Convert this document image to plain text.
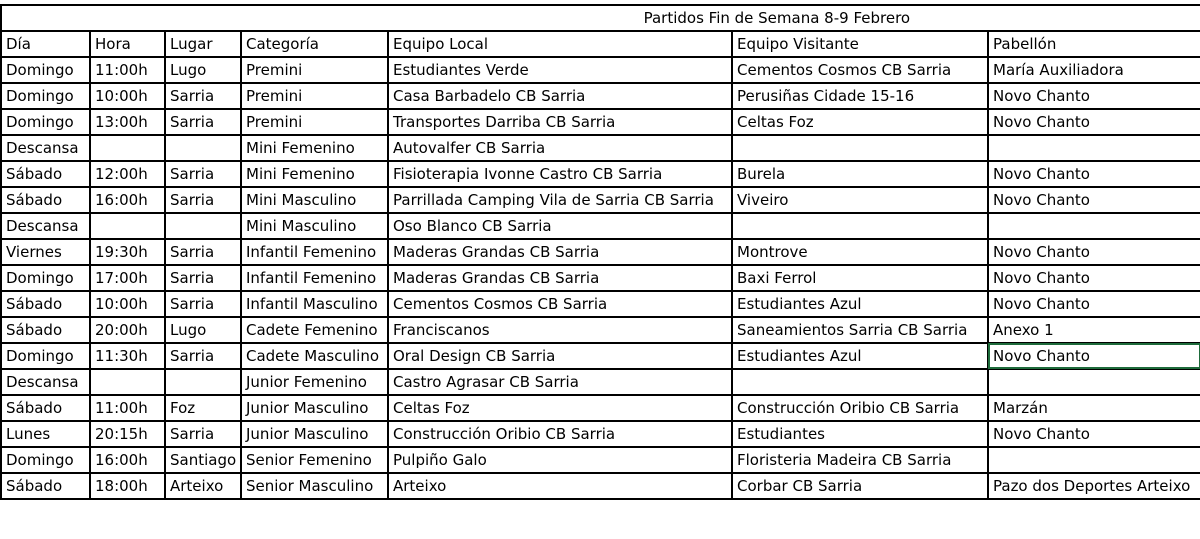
Partidos Fin de Semana 8-9 Febrero						
Día	Hora	Lugar	Categoría	Equipo Local	Equipo Visitante	Pabellón
Domingo	11:00h	Lugo	Premini	Estudiantes Verde	Cementos Cosmos CB Sarria	María Auxiliadora
Domingo	10:00h	Sarria	Premini	Casa Barbadelo CB Sarria	Perusiñas Cidade 15-16	Novo Chanto
Domingo	13:00h	Sarria	Premini	Transportes Darriba CB Sarria	Celtas Foz	Novo Chanto
Descansa			Mini Femenino	Autovalfer CB Sarria		
Sábado	12:00h	Sarria	Mini Femenino	Fisioterapia Ivonne Castro CB Sarria	Burela	Novo Chanto
Sábado	16:00h	Sarria	Mini Masculino	Parrillada Camping Vila de Sarria CB Sarria	Viveiro	Novo Chanto
Descansa			Mini Masculino	Oso Blanco CB Sarria		
Viernes	19:30h	Sarria	Infantil Femenino	Maderas Grandas CB Sarria	Montrove	Novo Chanto
Domingo	17:00h	Sarria	Infantil Femenino	Maderas Grandas CB Sarria	Baxi Ferrol	Novo Chanto
Sábado	10:00h	Sarria	Infantil Masculino	Cementos Cosmos CB Sarria	Estudiantes Azul	Novo Chanto
Sábado	20:00h	Lugo	Cadete Femenino	Franciscanos	Saneamientos Sarria CB Sarria	Anexo 1
Domingo	11:30h	Sarria	Cadete Masculino	Oral Design CB Sarria	Estudiantes Azul	Novo Chanto
Descansa			Junior Femenino	Castro Agrasar CB Sarria		
Sábado	11:00h	Foz	Junior Masculino	Celtas Foz	Construcción Oribio CB Sarria	Marzán
Lunes	20:15h	Sarria	Junior Masculino	Construcción Oribio CB Sarria	Estudiantes	Novo Chanto
Domingo	16:00h	Santiago	Senior Femenino	Pulpiño Galo	Floristeria Madeira CB Sarria	
Sábado	18:00h	Arteixo	Senior Masculino	Arteixo	Corbar CB Sarria	Pazo dos Deportes Arteixo
